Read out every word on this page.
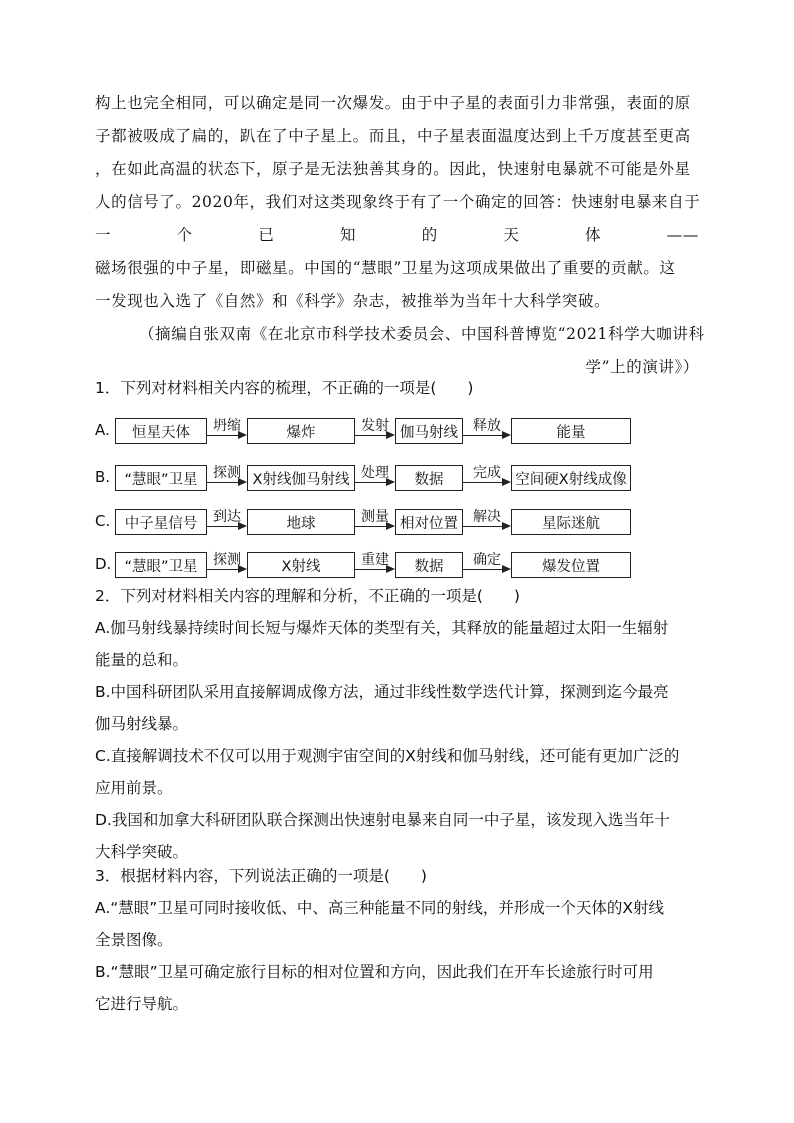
构上也完全相同，可以确定是同一次爆发。由于中子星的表面引力非常强，表面的原
子都被吸成了扁的，趴在了中子星上。而且，中子星表面温度达到上千万度甚至更高
，在如此高温的状态下，原子是无法独善其身的。因此，快速射电暴就不可能是外星
人的信号了。2020年，我们对这类现象终于有了一个确定的回答：快速射电暴来自于
一	个	已	知	的	天	体	——
磁场很强的中子星，即磁星。中国的“慧眼”卫星为这项成果做出了重要的贡献。这
一发现也入选了《自然》和《科学》杂志，被推举为当年十大科学突破。
（摘编自张双南《在北京市科学技术委员会、中国科普博览“2021科学大咖讲科
学”上的演讲》）
1．下列对材料相关内容的梳理，不正确的一项是(　　)
A.	恒星天体	爆炸	伽马射线	能量
坍缩	发射	释放
B. “慧眼”卫星	X射线伽马射线	数据	空间硬X射线成像
探测	处理	完成
C.	中子星信号	地球	相对位置	星际迷航
到达	测量	解决
D. “慧眼”卫星	X射线	数据	爆发位置
探测	重建	确定
2．下列对材料相关内容的理解和分析，不正确的一项是(　　)
A.伽马射线暴持续时间长短与爆炸天体的类型有关，其释放的能量超过太阳一生辐射
能量的总和。
B.中国科研团队采用直接解调成像方法，通过非线性数学迭代计算，探测到迄今最亮
伽马射线暴。
C.直接解调技术不仅可以用于观测宇宙空间的X射线和伽马射线，还可能有更加广泛的
应用前景。
D.我国和加拿大科研团队联合探测出快速射电暴来自同一中子星，该发现入选当年十
大科学突破。
3．根据材料内容，下列说法正确的一项是(　　)
A.“慧眼”卫星可同时接收低、中、高三种能量不同的射线，并形成一个天体的X射线
全景图像。
B.“慧眼”卫星可确定旅行目标的相对位置和方向，因此我们在开车长途旅行时可用
它进行导航。
